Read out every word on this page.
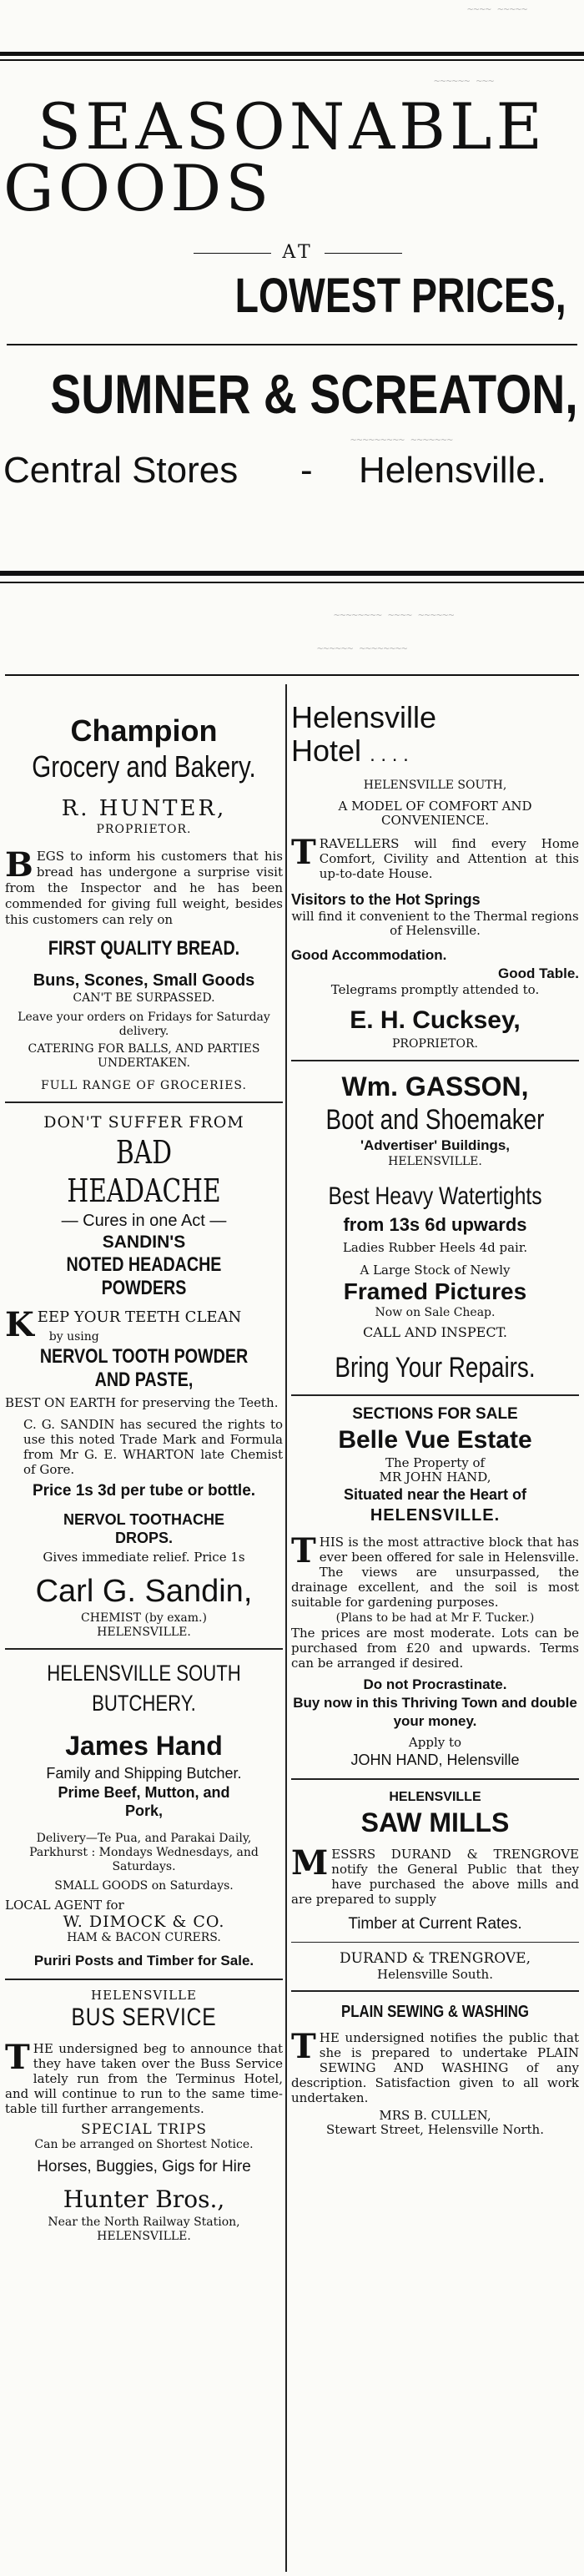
~~~~ ~~~~~
~~~~~~ ~~~
~~~~~~~~~ ~~~~~~~
~~~~~~~~ ~~~~ ~~~~~~
~~~~~~ ~~~~~~~~
SEASONABLE
GOODS
AT
LOWEST PRICES,
SUMNER & SCREATON,
Central Stores - Helensville.
Champion
Grocery and Bakery.
R. HUNTER,
PROPRIETOR.
BEGS to inform his customers that his bread has undergone a surprise visit from the Inspector and he has been commended for giving full weight, besides this customers can rely on
FIRST QUALITY BREAD.
Buns, Scones, Small Goods
CAN'T BE SURPASSED.
Leave your orders on Fridays for Saturday delivery.
CATERING FOR BALLS, AND PARTIES UNDERTAKEN.
FULL RANGE OF GROCERIES.
DON'T SUFFER FROM
BAD HEADACHE
— Cures in one Act —
SANDIN'S
NOTED HEADACHE POWDERS
KEEP YOUR TEETH CLEAN
by using
NERVOL TOOTH POWDER
AND PASTE,
BEST ON EARTH for preserving the Teeth.
C. G. SANDIN has secured the rights to use this noted Trade Mark and Formula from Mr G. E. WHARTON late Chemist of Gore.
Price 1s 3d per tube or bottle.
NERVOL TOOTHACHE DROPS.
Gives immediate relief. Price 1s
Carl G. Sandin,
CHEMIST (by exam.)
HELENSVILLE.
HELENSVILLE SOUTH
BUTCHERY.
James Hand
Family and Shipping Butcher.
Prime Beef, Mutton, and Pork,
Delivery—Te Pua, and Parakai Daily, Parkhurst : Mondays Wednesdays, and Saturdays.
SMALL GOODS on Saturdays.
LOCAL AGENT for
W. DIMOCK & CO.
HAM & BACON CURERS.
Puriri Posts and Timber for Sale.
HELENSVILLE
BUS SERVICE
THE undersigned beg to announce that they have taken over the Buss Service lately run from the Terminus Hotel, and will continue to run to the same time-table till further arrangements.
SPECIAL TRIPS
Can be arranged on Shortest Notice.
Horses, Buggies, Gigs for Hire
Hunter Bros.,
Near the North Railway Station,
HELENSVILLE.
Helensville
Hotel . . . .
HELENSVILLE SOUTH,
A MODEL OF COMFORT AND CONVENIENCE.
TRAVELLERS will find every Home Comfort, Civility and Attention at this up-to-date House.
Visitors to the Hot Springs
will find it convenient to the Thermal regions of Helensville.
Good Accommodation.
Good Table.
Telegrams promptly attended to.
E. H. Cucksey,
PROPRIETOR.
Wm. GASSON,
Boot and Shoemaker
'Advertiser' Buildings,
HELENSVILLE.
Best Heavy Watertights
from 13s 6d upwards
Ladies Rubber Heels 4d pair.
A Large Stock of Newly
Framed Pictures
Now on Sale Cheap.
CALL AND INSPECT.
Bring Your Repairs.
SECTIONS FOR SALE
Belle Vue Estate
The Property of
MR JOHN HAND,
Situated near the Heart of
HELENSVILLE.
THIS is the most attractive block that has ever been offered for sale in Helensville. The views are unsurpassed, the drainage excellent, and the soil is most suitable for gardening purposes.
(Plans to be had at Mr F. Tucker.)
The prices are most moderate. Lots can be purchased from £20 and upwards. Terms can be arranged if desired.
Do not Procrastinate.
Buy now in this Thriving Town and double your money.
Apply to
JOHN HAND, Helensville
HELENSVILLE
SAW MILLS
MESSRS DURAND & TRENGROVE notify the General Public that they have purchased the above mills and are prepared to supply
Timber at Current Rates.
DURAND & TRENGROVE,
Helensville South.
PLAIN SEWING & WASHING
THE undersigned notifies the public that she is prepared to undertake PLAIN SEWING AND WASHING of any description. Satisfaction given to all work undertaken.
MRS B. CULLEN,
Stewart Street, Helensville North.
